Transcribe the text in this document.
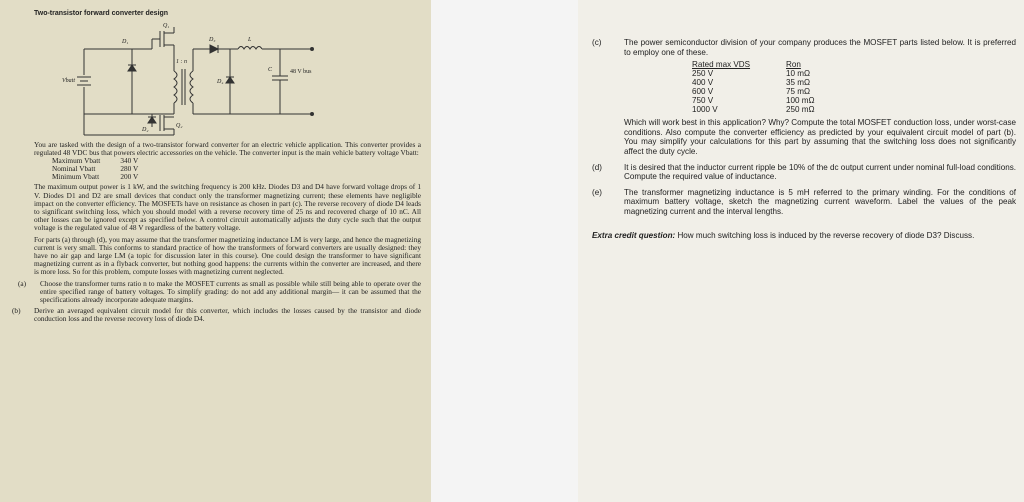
Two-transistor forward converter design
Q₁
D₁	D₃	L
Vbatt
1 : n
D₄
C	48 V bus
D₂
Q₂
You are tasked with the design of a two-transistor forward converter for an electric vehicle application. This converter provides a regulated 48 VDC bus that powers electric accessories on the vehicle. The converter input is the main vehicle battery voltage Vbatt:
Maximum Vbatt	340 V
Nominal Vbatt	280 V
Minimum Vbatt	200 V
The maximum output power is 1 kW, and the switching frequency is 200 kHz. Diodes D3 and D4 have forward voltage drops of 1 V. Diodes D1 and D2 are small devices that conduct only the transformer magnetizing current; these elements have negligible impact on the converter efficiency. The MOSFETs have on resistance as chosen in part (c). The reverse recovery of diode D4 leads to significant switching loss, which you should model with a reverse recovery time of 25 ns and recovered charge of 10 nC. All other losses can be ignored except as specified below. A control circuit automatically adjusts the duty cycle such that the output voltage is the regulated value of 48 V regardless of the battery voltage.
For parts (a) through (d), you may assume that the transformer magnetizing inductance LM is very large, and hence the magnetizing current is very small. This conforms to standard practice of how the transformers of forward converters are usually designed: they have no air gap and large LM (a topic for discussion later in this course). One could design the transformer to have significant magnetizing current as in a flyback converter, but nothing good happens: the currents within the converter are increased, and there is more loss. So for this problem, compute losses with magnetizing current neglected.
(a)	Choose the transformer turns ratio n to make the MOSFET currents as small as possible while still being able to operate over the entire specified range of battery voltages. To simplify grading: do not add any additional margin— it can be assumed that the specifications already incorporate adequate margins.
(b)	Derive an averaged equivalent circuit model for this converter, which includes the losses caused by the transistor and diode conduction loss and the reverse recovery loss of diode D4.
(c)	The power semiconductor division of your company produces the MOSFET parts listed below. It is preferred to employ one of these.
Rated max VDS	Ron
250 V	10 mΩ
400 V	35 mΩ
600 V	75 mΩ
750 V	100 mΩ
1000 V	250 mΩ
Which will work best in this application? Why? Compute the total MOSFET conduction loss, under worst-case conditions. Also compute the converter efficiency as predicted by your equivalent circuit model of part (b). You may simplify your calculations for this part by assuming that the switching loss does not significantly affect the duty cycle.
(d)	It is desired that the inductor current ripple be 10% of the dc output current under nominal full-load conditions. Compute the required value of inductance.
(e)	The transformer magnetizing inductance is 5 mH referred to the primary winding. For the conditions of maximum battery voltage, sketch the magnetizing current waveform. Label the values of the peak magnetizing current and the interval lengths.
Extra credit question: How much switching loss is induced by the reverse recovery of diode D3? Discuss.
